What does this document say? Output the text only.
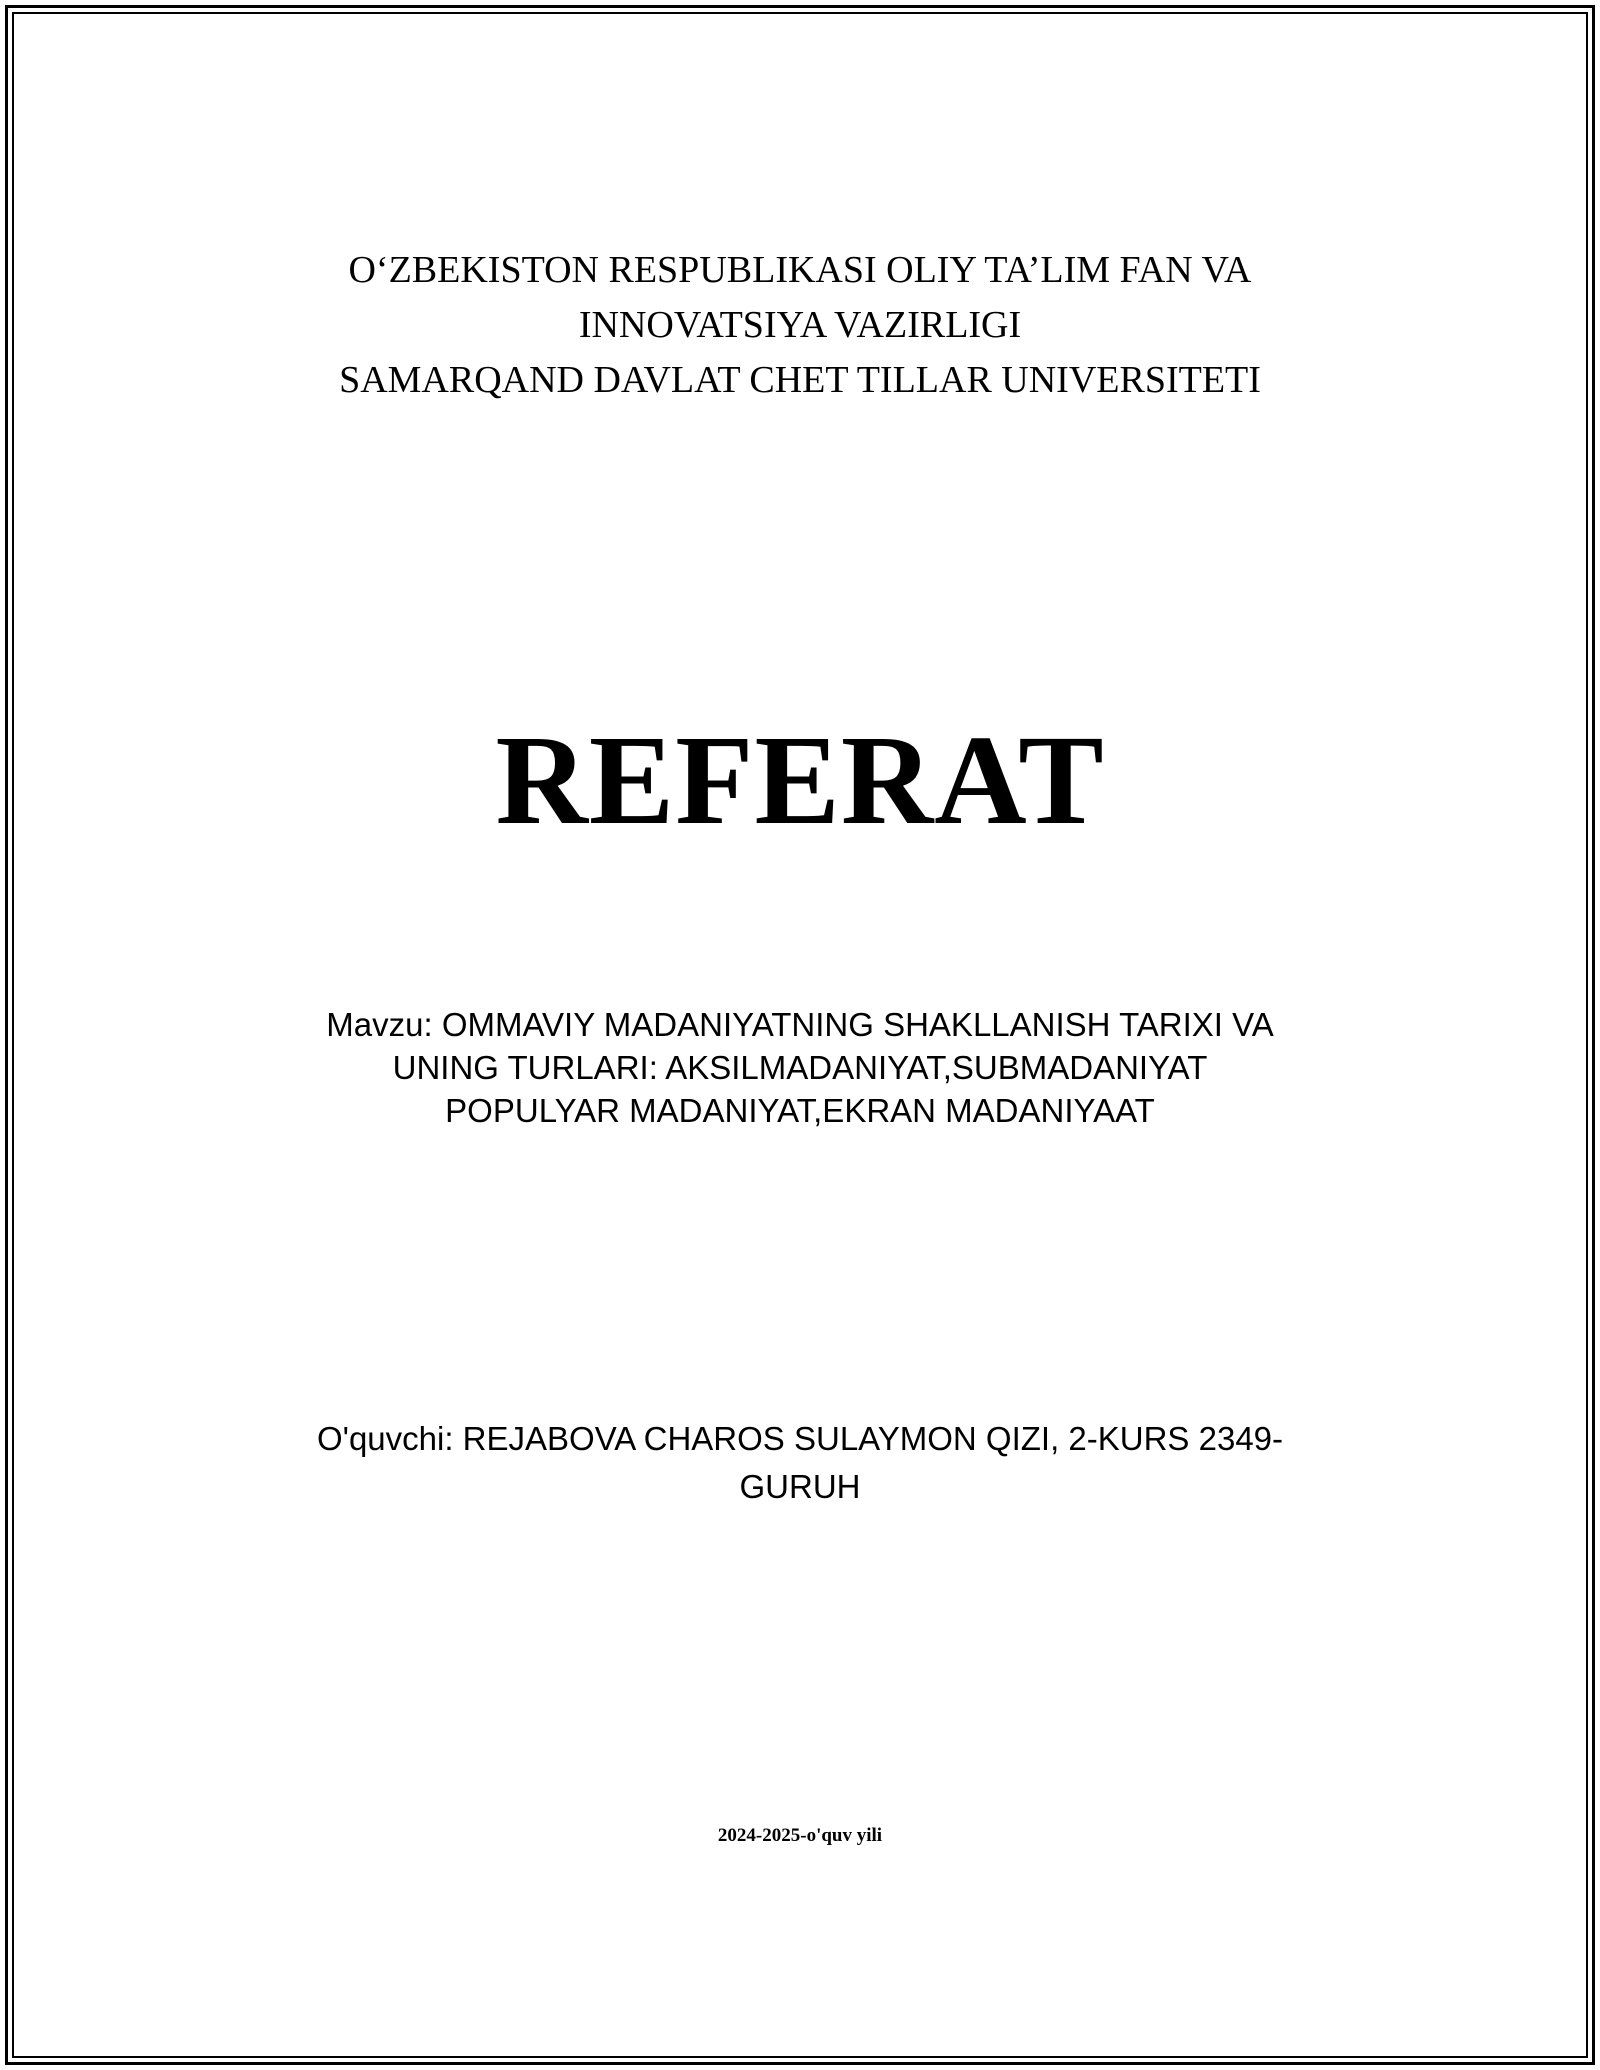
O‘ZBEKISTON RESPUBLIKASI OLIY TA’LIM FAN VA
INNOVATSIYA VAZIRLIGI
SAMARQAND DAVLAT CHET TILLAR UNIVERSITETI
REFERAT
Mavzu: OMMAVIY MADANIYATNING SHAKLLANISH TARIXI VA
UNING TURLARI: AKSILMADANIYAT,SUBMADANIYAT
POPULYAR MADANIYAT,EKRAN MADANIYAAT
O'quvchi: REJABOVA CHAROS SULAYMON QIZI, 2-KURS 2349-
GURUH
2024-2025-o'quv yili
